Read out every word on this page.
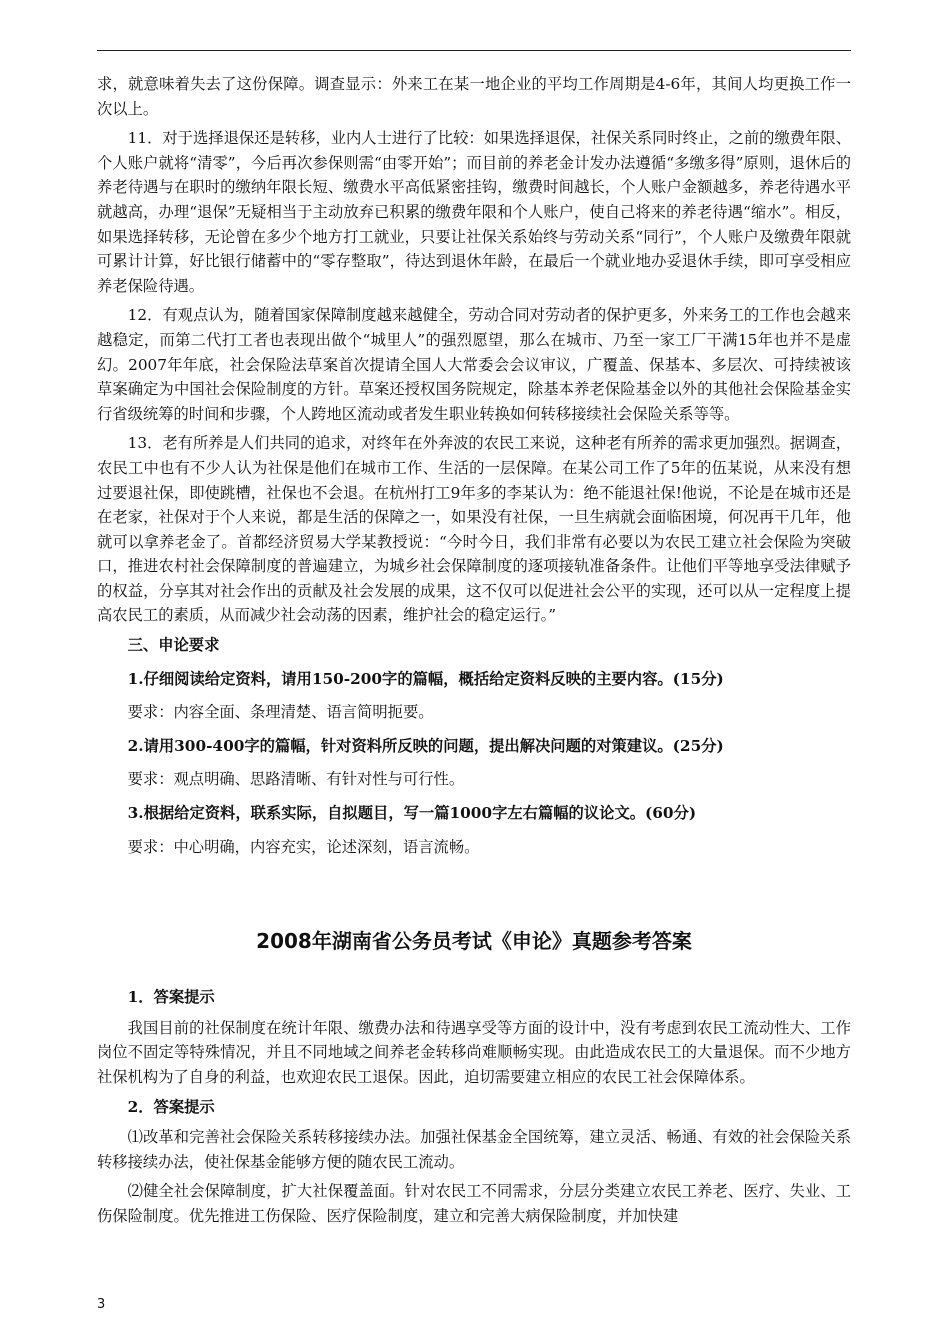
求，就意味着失去了这份保障。调查显示：外来工在某一地企业的平均工作周期是4-6年，其间人均更换工作一次以上。

11．对于选择退保还是转移，业内人士进行了比较：如果选择退保，社保关系同时终止，之前的缴费年限、个人账户就将“清零”，今后再次参保则需“由零开始”；而目前的养老金计发办法遵循“多缴多得”原则，退休后的养老待遇与在职时的缴纳年限长短、缴费水平高低紧密挂钩，缴费时间越长，个人账户金额越多，养老待遇水平就越高，办理“退保”无疑相当于主动放弃已积累的缴费年限和个人账户，使自己将来的养老待遇“缩水”。相反，如果选择转移，无论曾在多少个地方打工就业，只要让社保关系始终与劳动关系“同行”，个人账户及缴费年限就可累计计算，好比银行储蓄中的“零存整取”，待达到退休年龄，在最后一个就业地办妥退休手续，即可享受相应养老保险待遇。

12．有观点认为，随着国家保障制度越来越健全，劳动合同对劳动者的保护更多，外来务工的工作也会越来越稳定，而第二代打工者也表现出做个“城里人”的强烈愿望，那么在城市、乃至一家工厂干满15年也并不是虚幻。2007年年底，社会保险法草案首次提请全国人大常委会会议审议，广覆盖、保基本、多层次、可持续被该草案确定为中国社会保险制度的方针。草案还授权国务院规定，除基本养老保险基金以外的其他社会保险基金实行省级统筹的时间和步骤，个人跨地区流动或者发生职业转换如何转移接续社会保险关系等等。

13．老有所养是人们共同的追求，对终年在外奔波的农民工来说，这种老有所养的需求更加强烈。据调查，农民工中也有不少人认为社保是他们在城市工作、生活的一层保障。在某公司工作了5年的伍某说，从来没有想过要退社保，即使跳槽，社保也不会退。在杭州打工9年多的李某认为：绝不能退社保!他说，不论是在城市还是在老家，社保对于个人来说，都是生活的保障之一，如果没有社保，一旦生病就会面临困境，何况再干几年，他就可以拿养老金了。首都经济贸易大学某教授说：“今时今日，我们非常有必要以为农民工建立社会保险为突破口，推进农村社会保障制度的普遍建立，为城乡社会保障制度的逐项接轨准备条件。让他们平等地享受法律赋予的权益，分享其对社会作出的贡献及社会发展的成果，这不仅可以促进社会公平的实现，还可以从一定程度上提高农民工的素质，从而减少社会动荡的因素，维护社会的稳定运行。”

三、申论要求

1.仔细阅读给定资料，请用150-200字的篇幅，概括给定资料反映的主要内容。(15分)

要求：内容全面、条理清楚、语言简明扼要。

2.请用300-400字的篇幅，针对资料所反映的问题，提出解决问题的对策建议。(25分)

要求：观点明确、思路清晰、有针对性与可行性。

3.根据给定资料，联系实际，自拟题目，写一篇1000字左右篇幅的议论文。(60分)

要求：中心明确，内容充实，论述深刻，语言流畅。

2008年湖南省公务员考试《申论》真题参考答案

1．答案提示

我国目前的社保制度在统计年限、缴费办法和待遇享受等方面的设计中，没有考虑到农民工流动性大、工作岗位不固定等特殊情况，并且不同地域之间养老金转移尚难顺畅实现。由此造成农民工的大量退保。而不少地方社保机构为了自身的利益，也欢迎农民工退保。因此，迫切需要建立相应的农民工社会保障体系。

2．答案提示

⑴改革和完善社会保险关系转移接续办法。加强社保基金全国统筹，建立灵活、畅通、有效的社会保险关系转移接续办法，使社保基金能够方便的随农民工流动。

⑵健全社会保障制度，扩大社保覆盖面。针对农民工不同需求，分层分类建立农民工养老、医疗、失业、工伤保险制度。优先推进工伤保险、医疗保险制度，建立和完善大病保险制度，并加快建

3
